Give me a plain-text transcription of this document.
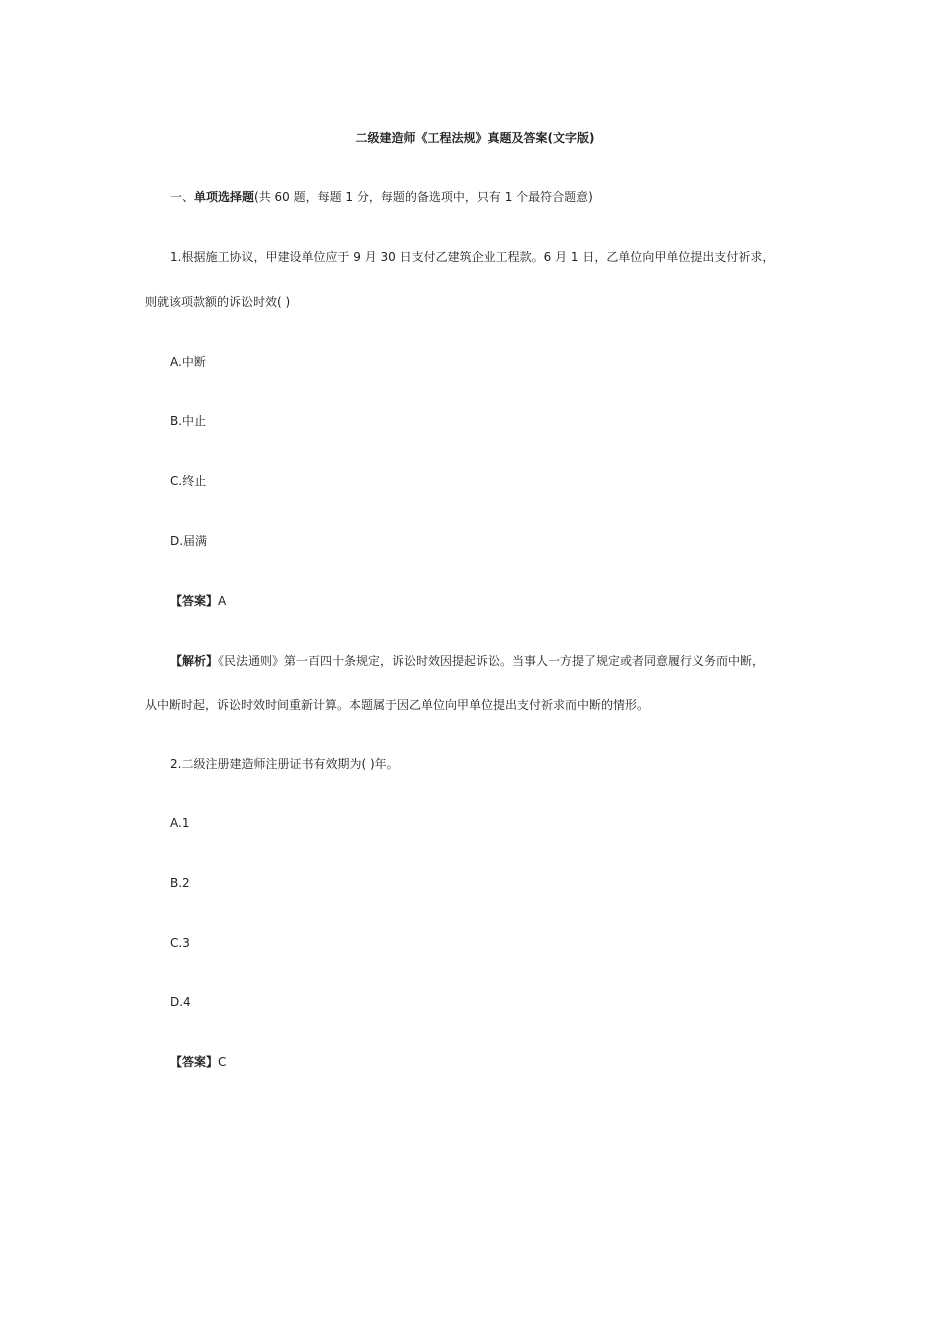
二级建造师《工程法规》真题及答案(文字版)
一、单项选择题(共 60 题，每题 1 分，每题的备选项中，只有 1 个最符合题意)
1.根据施工协议，甲建设单位应于 9 月 30 日支付乙建筑企业工程款。6 月 1 日，乙单位向甲单位提出支付祈求，
则就该项款额的诉讼时效( )
A.中断
B.中止
C.终止
D.届满
【答案】A
【解析】《民法通则》第一百四十条规定，诉讼时效因提起诉讼。当事人一方提了规定或者同意履行义务而中断，
从中断时起，诉讼时效时间重新计算。本题属于因乙单位向甲单位提出支付祈求而中断的情形。
2.二级注册建造师注册证书有效期为( )年。
A.1
B.2
C.3
D.4
【答案】C
